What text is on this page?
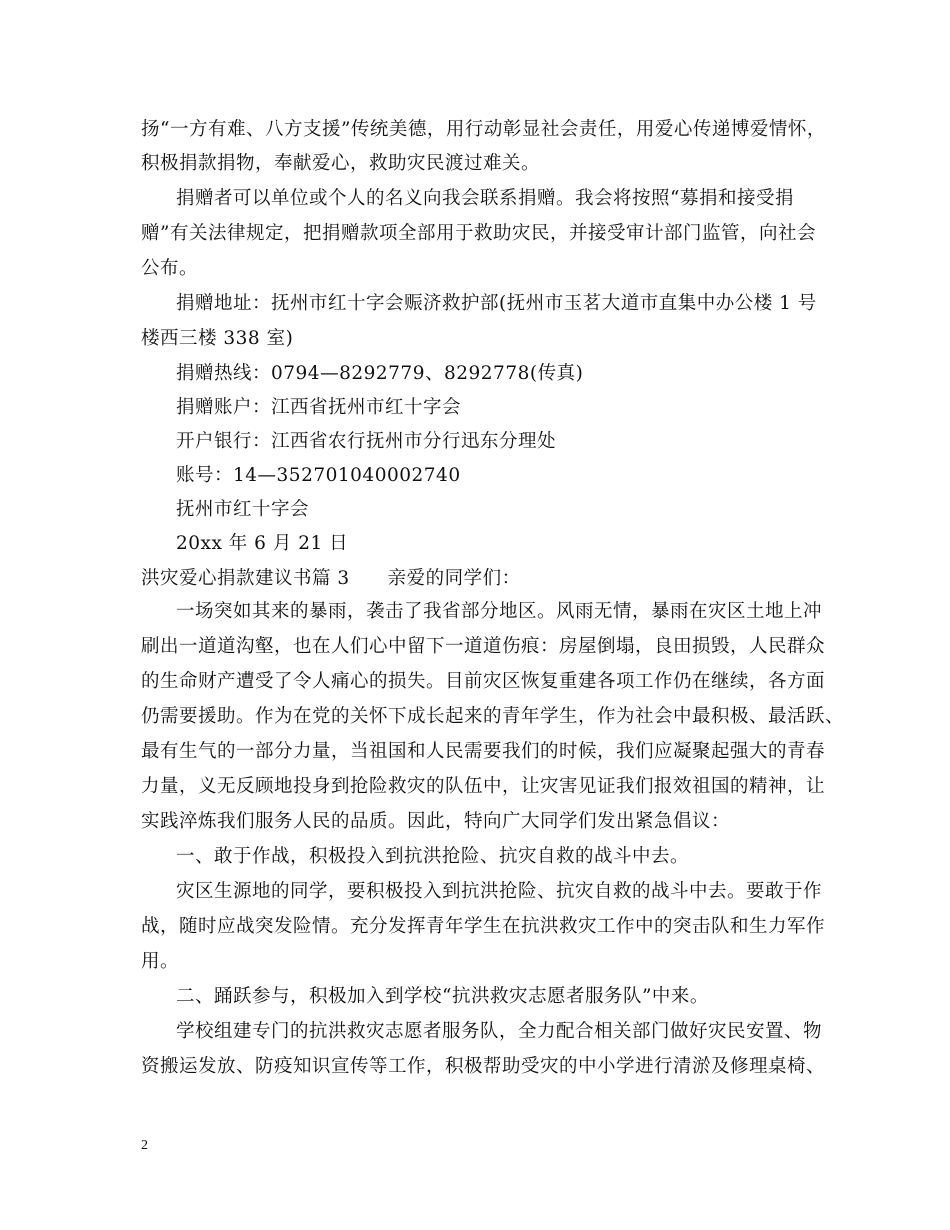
扬“一方有难、八方支援”传统美德，用行动彰显社会责任，用爱心传递博爱情怀，
积极捐款捐物，奉献爱心，救助灾民渡过难关。
捐赠者可以单位或个人的名义向我会联系捐赠。我会将按照“募捐和接受捐
赠”有关法律规定，把捐赠款项全部用于救助灾民，并接受审计部门监管，向社会
公布。
捐赠地址：抚州市红十字会赈济救护部(抚州市玉茗大道市直集中办公楼 1 号
楼西三楼 338 室)
捐赠热线：0794—8292779、8292778(传真)
捐赠账户：江西省抚州市红十字会
开户银行：江西省农行抚州市分行迅东分理处
账号：14—352701040002740
抚州市红十字会
20xx 年 6 月 21 日
洪灾爱心捐款建议书篇 3　　亲爱的同学们：
一场突如其来的暴雨，袭击了我省部分地区。风雨无情，暴雨在灾区土地上冲
刷出一道道沟壑，也在人们心中留下一道道伤痕：房屋倒塌，良田损毁，人民群众
的生命财产遭受了令人痛心的损失。目前灾区恢复重建各项工作仍在继续，各方面
仍需要援助。作为在党的关怀下成长起来的青年学生，作为社会中最积极、最活跃、
最有生气的一部分力量，当祖国和人民需要我们的时候，我们应凝聚起强大的青春
力量，义无反顾地投身到抢险救灾的队伍中，让灾害见证我们报效祖国的精神，让
实践淬炼我们服务人民的品质。因此，特向广大同学们发出紧急倡议：
一、敢于作战，积极投入到抗洪抢险、抗灾自救的战斗中去。
灾区生源地的同学，要积极投入到抗洪抢险、抗灾自救的战斗中去。要敢于作
战，随时应战突发险情。充分发挥青年学生在抗洪救灾工作中的突击队和生力军作
用。
二、踊跃参与，积极加入到学校“抗洪救灾志愿者服务队”中来。
学校组建专门的抗洪救灾志愿者服务队，全力配合相关部门做好灾民安置、物
资搬运发放、防疫知识宣传等工作，积极帮助受灾的中小学进行清淤及修理桌椅、
2
